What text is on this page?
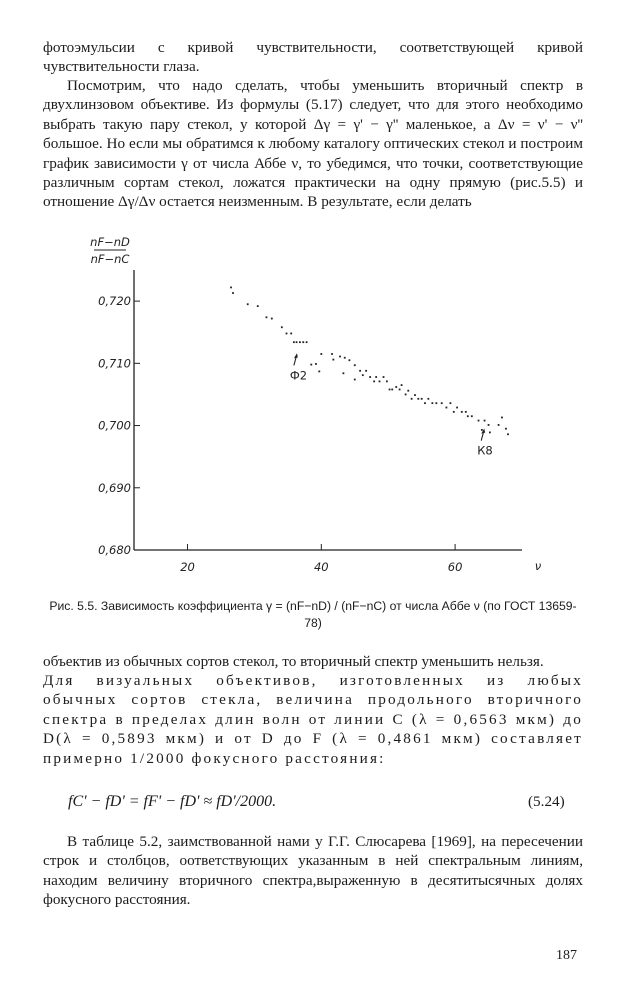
фотоэмульсии с кривой чувствительности, соответствующей кривой чувствительности глаза.

Посмотрим, что надо сделать, чтобы уменьшить вторичный спектр в двухлинзовом объективе. Из формулы (5.17) следует, что для этого необходимо выбрать такую пару стекол, у которой Δγ = γ' − γ'' маленькое, а Δν = ν' − ν'' большое. Но если мы обратимся к любому каталогу оптических стекол и построим график зависимости γ от числа Аббе ν, то убедимся, что точки, соответствующие различным сортам стекол, ложатся практически на одну прямую (рис.5.5) и отношение Δγ/Δν остается неизменным. В результате, если делать

nF−nD
nF−nC
0,720
0,710
0,700
0,690
0,680
20	40	60	ν
Ф2
К8

Рис. 5.5. Зависимость коэффициента γ = (nF−nD) / (nF−nC) от числа Аббе ν (по ГОСТ 13659-78)

объектив из обычных сортов стекол, то вторичный спектр уменьшить нельзя.

Для визуальных объективов, изготовленных из любых обычных сортов стекла, величина продольного вторичного спектра в пределах длин волн от линии C (λ = 0,6563 мкм) до D(λ = 0,5893 мкм) и от D до F (λ = 0,4861 мкм) составляет примерно 1/2000 фокусного расстояния:

fC' − fD' = fF' − fD' ≈ fD'/2000.	(5.24)

В таблице 5.2, заимствованной нами у Г.Г. Слюсарева [1969], на пересечении строк и столбцов, оответствующих указанным в ней спектральным линиям, находим величину вторичного спектра,выраженную в десятитысячных долях фокусного расстояния.

187
